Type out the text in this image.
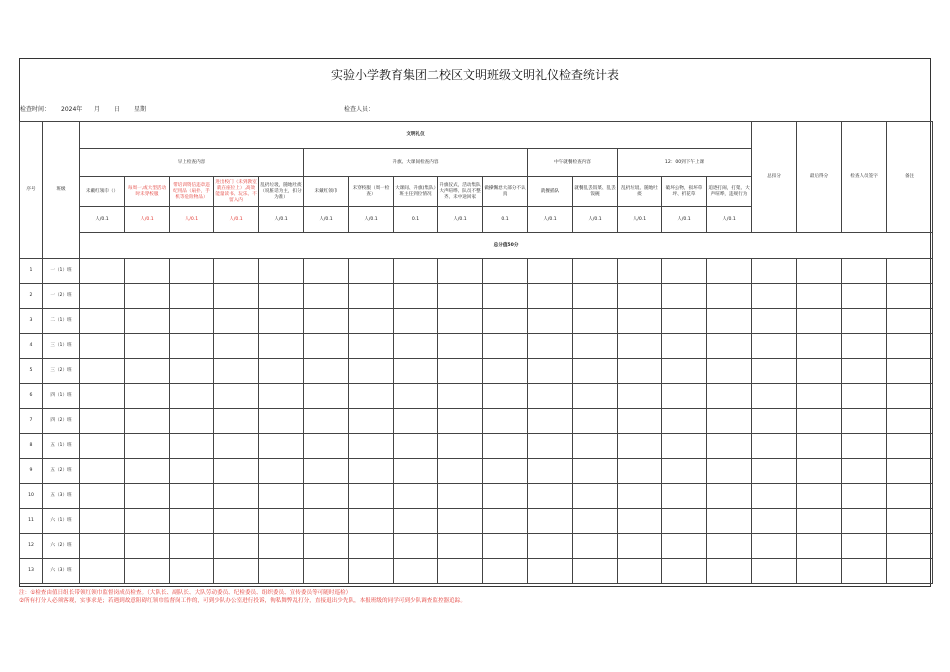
实验小学教育集团二校区文明班级文明礼仪检查统计表
检查时间： 2024年 月 日 星期	检查人员：
序号	班级	文明礼仪															总扣分	最后得分	检查人员签字	备注
		早上检查内容					升旗、大课间检查内容					中午就餐检查内容		12：00到下午上课						
		未戴红领巾（）	每周一,或大型活动时未穿校服	带培训资信违章违纪用品（扇扑，手机等危险物品）	进出校门（未到教室就在座位上）,高效能量读书、玩乐、不留入内	乱扔垃圾，随地吐痰（说脏话为主，扣分为准）	未戴红领巾	未穿校服（周一检查）	大课间、升旗(集队）班主任到位情况	升旗仪式，活动集队大声喧哗、队员不整齐、未中途回家	做操懈怠大部分不认真	就餐插队	就餐乱丢饭菜、乱丢饭碗	乱扔垃圾、随地吐痰	破坏公物，损坏草坪、折花草	追逐打闹，打架、大声喧哗，违规行为				
		人/0.1	人/0.1	人/0.1	人/0.1	人/0.1	人/0.1	人/0.1	0.1	人/0.1	0.1	人/0.1	人/0.1	人/0.1	人/0.1	人/0.1				
		总分值50分																		
1	一（1）班																			
2	一（2）班																			
3	二（1）班																			
4	三（1）班																			
5	三（2）班																			
6	四（1）班																			
7	四（2）班																			
8	五（1）班																			
9	五（2）班																			
10	五（3）班																			
11	六（1）班																			
12	六（2）班																			
13	六（3）班																			
注：①检查由值日组长带领红领巾监督岗成员检查。（大队长、副队长、大队劳动委员、纪检委员、组织委员、宣传委员等可随时巡检）
②所有打分人必须客观，实事求是；若遇到故意阻碍红领巾监督岗工作的，可到少队办公室进行投诉，徇私舞弊乱打分，直接退出少先队，本报班级的同学可到少队调查监控器追踪。
